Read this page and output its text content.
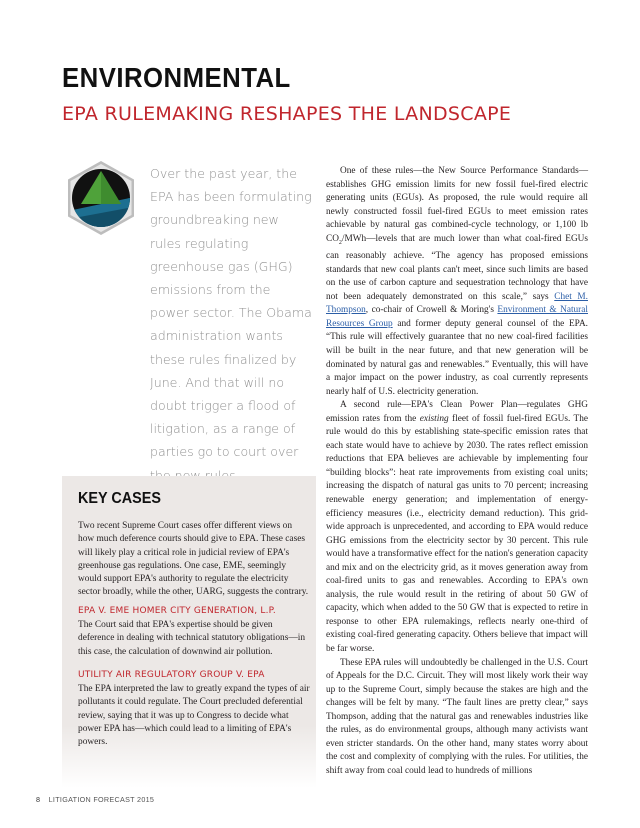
ENVIRONMENTAL
EPA RULEMAKING RESHAPES THE LANDSCAPE
Over the past year, the EPA has been formulating groundbreaking new rules regulating greenhouse gas (GHG) emissions from the power sector. The Obama administration wants these rules finalized by June. And that will no doubt trigger a flood of litigation, as a range of parties go to court over
KEY CASES
Two recent Supreme Court cases offer different views on how much deference courts should give to EPA. These cases will likely play a critical role in judicial review of EPA's greenhouse gas regulations. One case, EME, seemingly would support EPA's authority to regulate the electricity sector broadly, while the other, UARG, suggests the contrary.
EPA V. EME HOMER CITY GENERATION, L.P.
The Court said that EPA's expertise should be given deference in dealing with technical statutory obligations—in this case, the calculation of downwind air pollution.
UTILITY AIR REGULATORY GROUP V. EPA
The EPA interpreted the law to greatly expand the types of air pollutants it could regulate. The Court precluded deferential review, saying that it was up to Congress to decide what power EPA has—which could lead to a limiting of EPA's powers.

One of these rules—the New Source Performance Standards—establishes GHG emission limits for new fossil fuel-fired electric generating units (EGUs). As proposed, the rule would require all newly constructed fossil fuel-fired EGUs to meet emission rates achievable by natural gas combined-cycle technology, or 1,100 lb $CO_2/MWh—levels$ that are much lower than what coal-fired EGUs can reasonably achieve. “The agency has proposed emissions standards that new coal plants can't meet, since such limits are based on the use of carbon capture and sequestration technology that have not been adequately demonstrated on this scale,” says Chet M. Thompson, co-chair of Crowell & Moring's Environment & Natural Resources Group and former deputy general counsel of the EPA. “This rule will effectively guarantee that no new coal-fired facilities will be built in the near future, and that new generation will be dominated by natural gas and renewables.” Eventually, this will have a major impact on the power industry, as coal currently represents nearly half of U.S. electricity generation.

A second rule—EPA's Clean Power Plan—regulates GHG emission rates from the existing fleet of fossil fuel-fired EGUs. The rule would do this by establishing state-specific emission rates that each state would have to achieve by 2030. The rates reflect emission reductions that EPA believes are achievable by implementing four “building blocks”: heat rate improvements from existing coal units; increasing the dispatch of natural gas units to 70 percent; increasing renewable energy generation; and implementation of energy-efficiency measures (i.e., electricity demand reduction). This grid-wide approach is unprecedented, and according to EPA would reduce GHG emissions from the electricity sector by 30 percent. This rule would have a transformative effect for the nation's generation capacity and mix and on the electricity grid, as it moves generation away from coal-fired units to gas and renewables. According to EPA's own analysis, the rule would result in the retiring of about 50 GW of capacity, which when added to the 50 GW that is expected to retire in response to other EPA rulemakings, reflects nearly one-third of existing coal-fired generating capacity. Others believe that impact will be far worse.

These EPA rules will undoubtedly be challenged in the U.S. Court of Appeals for the D.C. Circuit. They will most likely work their way up to the Supreme Court, simply because the stakes are high and the changes will be felt by many. “The fault lines are pretty clear,” says Thompson, adding that the natural gas and renewables industries like the rules, as do environmental groups, although many activists want even stricter standards. On the other hand, many states worry about the cost and complexity of complying with the rules. For utilities, the shift away from coal could lead to hundreds of millions

8 LITIGATION FORECAST 2015
